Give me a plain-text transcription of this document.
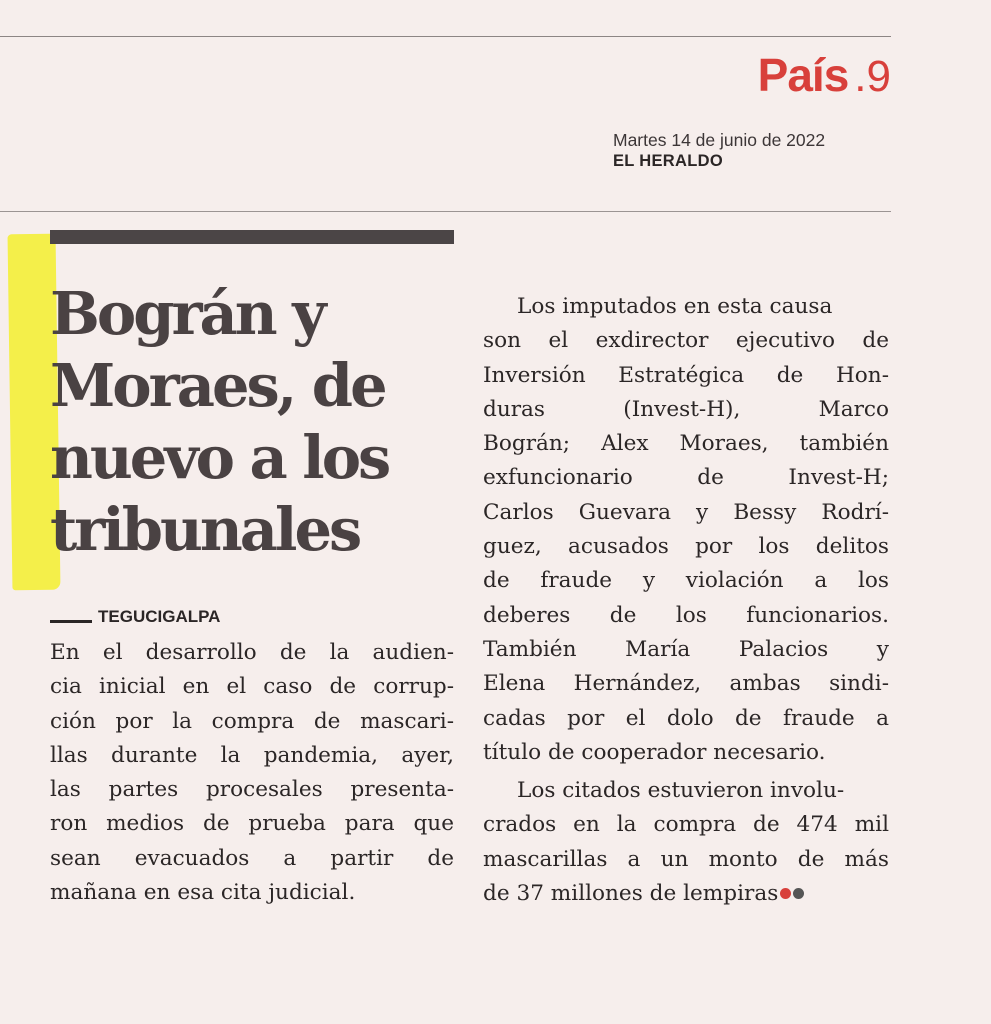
País .9
Martes 14 de junio de 2022
EL HERALDO
Bográn y
Moraes, de
nuevo a los
tribunales
TEGUCIGALPA

En el desarrollo de la audien-
cia inicial en el caso de corrup-
ción por la compra de mascari-
llas durante la pandemia, ayer,
las partes procesales presenta-
ron medios de prueba para que
sean evacuados a partir de
mañana en esa cita judicial.

Los imputados en esta causa
son el exdirector ejecutivo de
Inversión Estratégica de Hon-
duras (Invest-H), Marco
Bográn; Alex Moraes, también
exfuncionario de Invest-H;
Carlos Guevara y Bessy Rodrí-
guez, acusados por los delitos
de fraude y violación a los
deberes de los funcionarios.
También María Palacios y
Elena Hernández, ambas sindi-
cadas por el dolo de fraude a
título de cooperador necesario.

Los citados estuvieron involu-
crados en la compra de 474 mil
mascarillas a un monto de más
de 37 millones de lempiras
